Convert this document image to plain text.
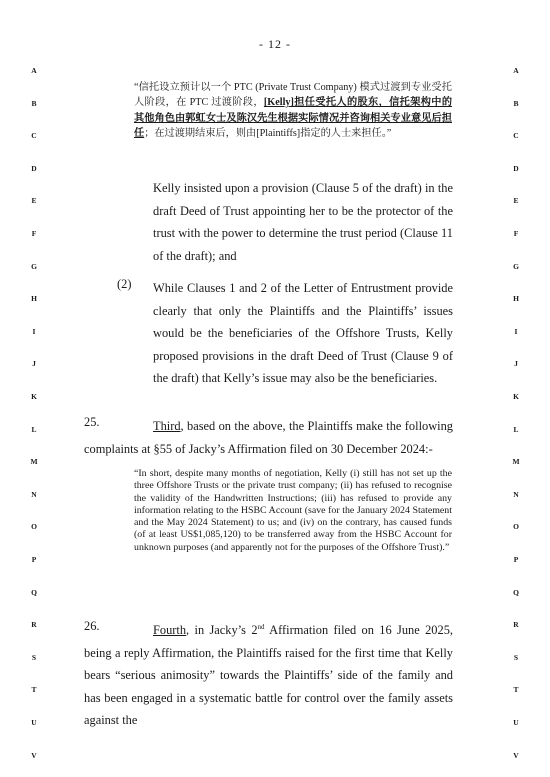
- 12 -
A	A
B	B
C	C
D	D
E	E
F	F
G	G
H	H
I	I
J	J
K	K
L	L
M	M
N	N
O	O
P	P
Q	Q
R	R
S	S
T	T
U	U
V	V
“信托设立预计以一个 PTC (Private Trust Company) 模式过渡到专业受托人阶段，在 PTC 过渡阶段，[Kelly]担任受托人的股东，信托架构中的其他角色由郭虹女士及陈汉先生根据实际情况并咨询相关专业意见后担任；在过渡期结束后，则由[Plaintiffs]指定的人士来担任。”
Kelly insisted upon a provision (Clause 5 of the draft) in the draft Deed of Trust appointing her to be the protector of the trust with the power to determine the trust period (Clause 11 of the draft); and
(2) While Clauses 1 and 2 of the Letter of Entrustment provide clearly that only the Plaintiffs and the Plaintiffs’ issues would be the beneficiaries of the Offshore Trusts, Kelly proposed provisions in the draft Deed of Trust (Clause 9 of the draft) that Kelly’s issue may also be the beneficiaries.
25.	Third, based on the above, the Plaintiffs make the following complaints at §55 of Jacky’s Affirmation filed on 30 December 2024:-
“In short, despite many months of negotiation, Kelly (i) still has not set up the three Offshore Trusts or the private trust company; (ii) has refused to recognise the validity of the Handwritten Instructions; (iii) has refused to provide any information relating to the HSBC Account (save for the January 2024 Statement and the May 2024 Statement) to us; and (iv) on the contrary, has caused funds (of at least US$1,085,120) to be transferred away from the HSBC Account for unknown purposes (and apparently not for the purposes of the Offshore Trust).”
26.	Fourth, in Jacky’s 2nd Affirmation filed on 16 June 2025, being a reply Affirmation, the Plaintiffs raised for the first time that Kelly bears “serious animosity” towards the Plaintiffs’ side of the family and has been engaged in a systematic battle for control over the family assets against the
